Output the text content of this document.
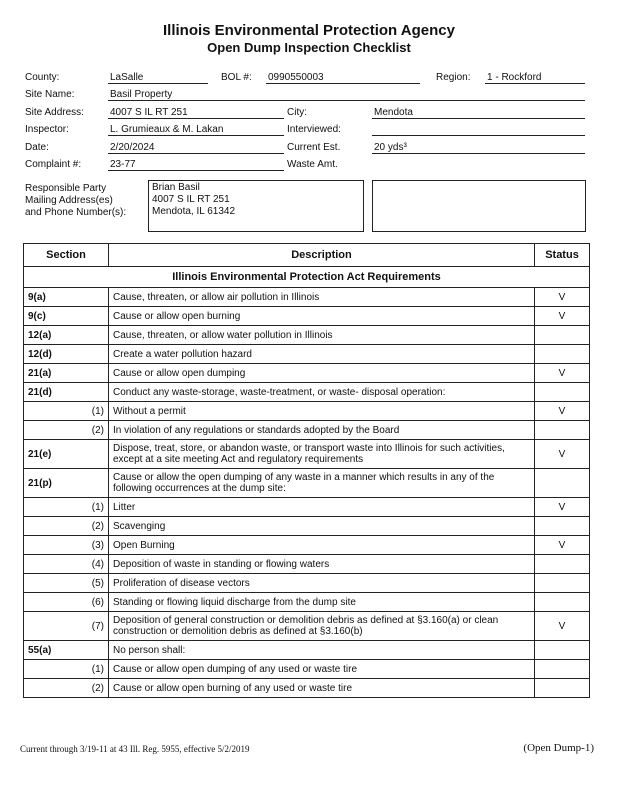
Illinois Environmental Protection Agency
Open Dump Inspection Checklist
County:	LaSalle	BOL #: 0990550003	Region: 1 - Rockford
Site Name:	Basil Property
Site Address:	4007 S IL RT 251	City:	Mendota
Inspector:	L. Grumieaux & M. Lakan	Interviewed:
Date:	2/20/2024	Current Est.	20 yds³
Complaint #:	23-77	Waste Amt.
Responsible Party
Mailing Address(es)
and Phone Number(s):
Brian Basil
4007 S IL RT 251
Mendota, IL 61342
Section	Description	Status
Illinois Environmental Protection Act Requirements		
9(a)	Cause, threaten, or allow air pollution in Illinois	V
9(c)	Cause or allow open burning	V
12(a)	Cause, threaten, or allow water pollution in Illinois	
12(d)	Create a water pollution hazard	
21(a)	Cause or allow open dumping	V
21(d)	Conduct any waste-storage, waste-treatment, or waste- disposal operation:	
(1)	Without a permit	V
(2)	In violation of any regulations or standards adopted by the Board	
21(e)	Dispose, treat, store, or abandon waste, or transport waste into Illinois for such activities, except at a site meeting Act and regulatory requirements	V
21(p)	Cause or allow the open dumping of any waste in a manner which results in any of the following occurrences at the dump site:	
(1)	Litter	V
(2)	Scavenging	
(3)	Open Burning	V
(4)	Deposition of waste in standing or flowing waters	
(5)	Proliferation of disease vectors	
(6)	Standing or flowing liquid discharge from the dump site	
(7)	Deposition of general construction or demolition debris as defined at §3.160(a) or clean construction or demolition debris as defined at §3.160(b)	V
55(a)	No person shall:	
(1)	Cause or allow open dumping of any used or waste tire	
(2)	Cause or allow open burning of any used or waste tire	
Current through 3/19-11 at 43 Ill. Reg. 5955, effective 5/2/2019	(Open Dump-1)
